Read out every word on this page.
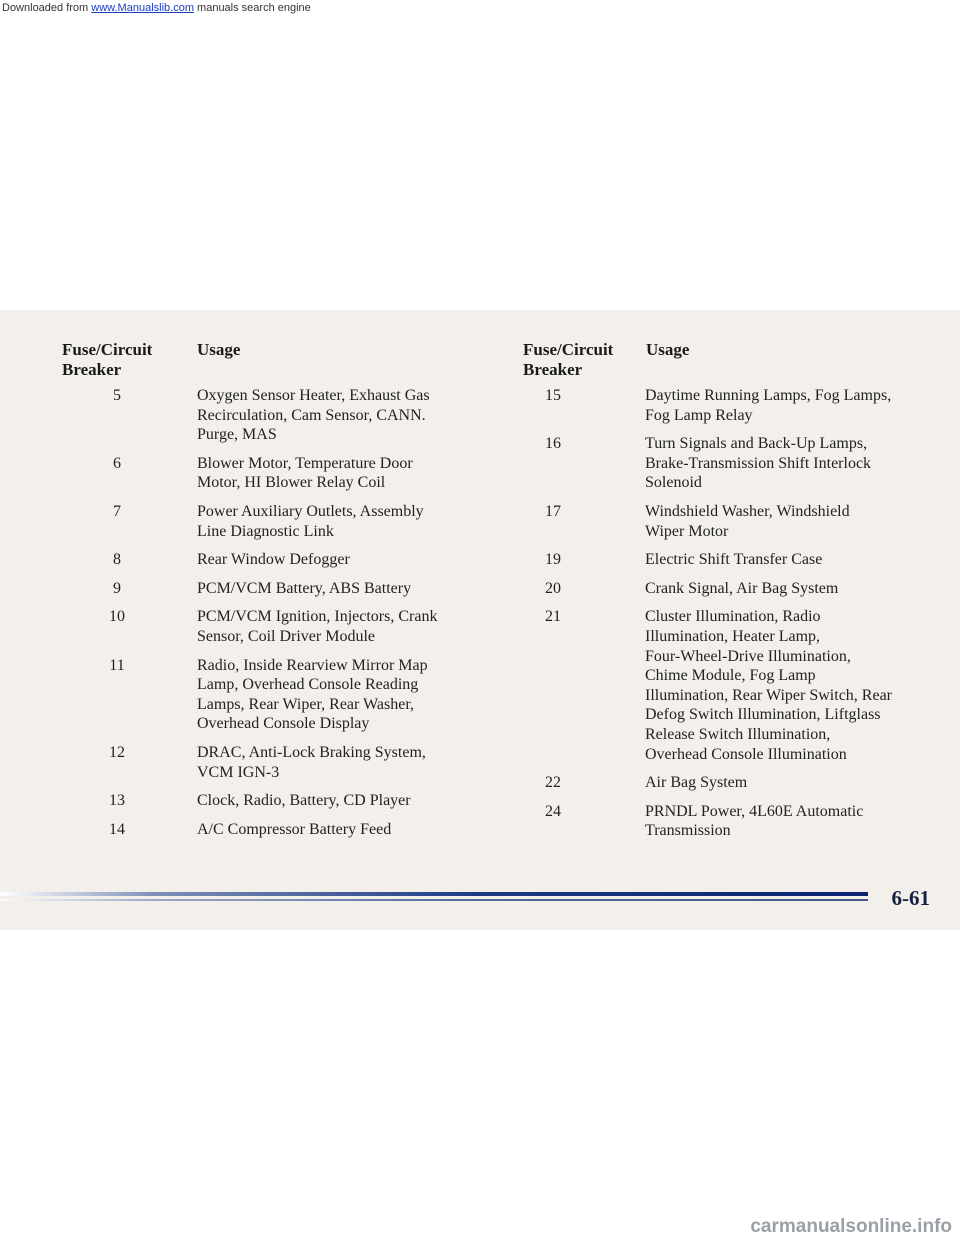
Fuse/Circuit
Breaker
Usage
5	Oxygen Sensor Heater, Exhaust Gas
Recirculation, Cam Sensor, CANN.
Purge, MAS
6	Blower Motor, Temperature Door
Motor, HI Blower Relay Coil
7	Power Auxiliary Outlets, Assembly
Line Diagnostic Link
8	Rear Window Defogger
9	PCM/VCM Battery, ABS Battery
10	PCM/VCM Ignition, Injectors, Crank
Sensor, Coil Driver Module
11	Radio, Inside Rearview Mirror Map
Lamp, Overhead Console Reading
Lamps, Rear Wiper, Rear Washer,
Overhead Console Display
12	DRAC, Anti-Lock Braking System,
VCM IGN-3
13	Clock, Radio, Battery, CD Player
14	A/C Compressor Battery Feed
Fuse/Circuit
Breaker
Usage
15	Daytime Running Lamps, Fog Lamps,
Fog Lamp Relay
16	Turn Signals and Back-Up Lamps,
Brake-Transmission Shift Interlock
Solenoid
17	Windshield Washer, Windshield
Wiper Motor
19	Electric Shift Transfer Case
20	Crank Signal, Air Bag System
21	Cluster Illumination, Radio
Illumination, Heater Lamp,
Four-Wheel-Drive Illumination,
Chime Module, Fog Lamp
Illumination, Rear Wiper Switch, Rear
Defog Switch Illumination, Liftglass
Release Switch Illumination,
Overhead Console Illumination
22	Air Bag System
24	PRNDL Power, 4L60E Automatic
Transmission
6-61
Downloaded from www.Manualslib.com manuals search engine
carmanualsonline.info
